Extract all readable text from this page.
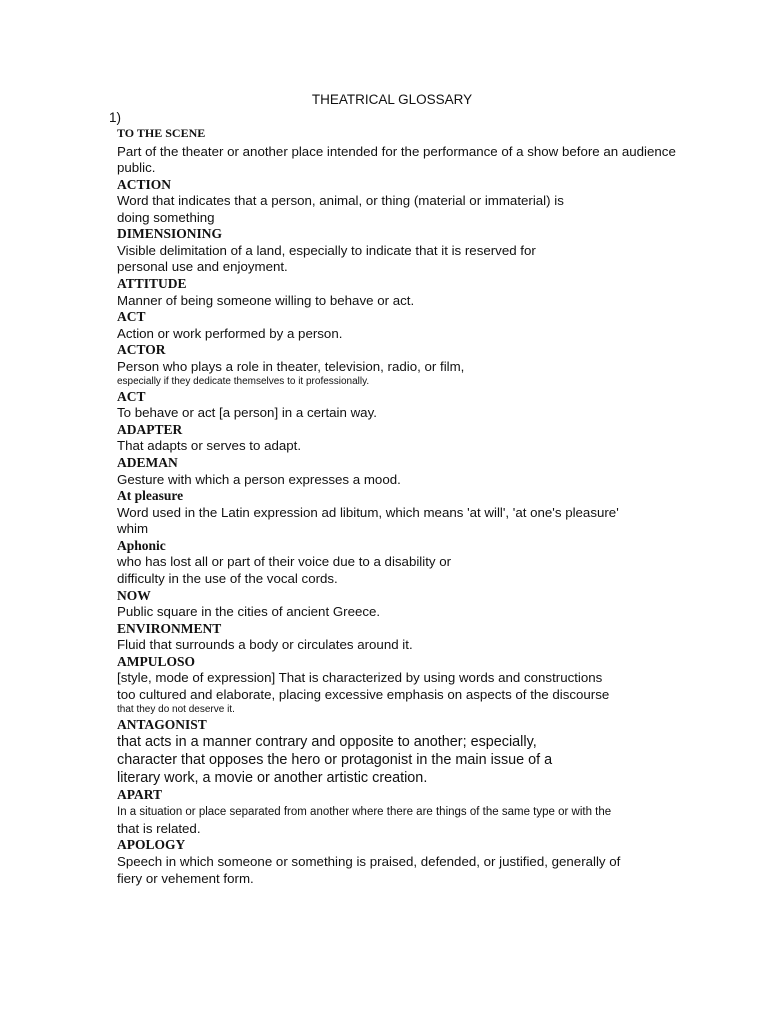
THEATRICAL GLOSSARY
1)
TO THE SCENE
Part of the theater or another place intended for the performance of a show before an audience
public.
ACTION
Word that indicates that a person, animal, or thing (material or immaterial) is
doing something
DIMENSIONING
Visible delimitation of a land, especially to indicate that it is reserved for
personal use and enjoyment.
ATTITUDE
Manner of being someone willing to behave or act.
ACT
Action or work performed by a person.
ACTOR
Person who plays a role in theater, television, radio, or film,
especially if they dedicate themselves to it professionally.
ACT
To behave or act [a person] in a certain way.
ADAPTER
That adapts or serves to adapt.
ADEMAN
Gesture with which a person expresses a mood.
At pleasure
Word used in the Latin expression ad libitum, which means 'at will', 'at one's pleasure'
whim
Aphonic
who has lost all or part of their voice due to a disability or
difficulty in the use of the vocal cords.
NOW
Public square in the cities of ancient Greece.
ENVIRONMENT
Fluid that surrounds a body or circulates around it.
AMPULOSO
[style, mode of expression] That is characterized by using words and constructions
too cultured and elaborate, placing excessive emphasis on aspects of the discourse
that they do not deserve it.
ANTAGONIST
that acts in a manner contrary and opposite to another; especially,
character that opposes the hero or protagonist in the main issue of a
literary work, a movie or another artistic creation.
APART
In a situation or place separated from another where there are things of the same type or with the
that is related.
APOLOGY
Speech in which someone or something is praised, defended, or justified, generally of
fiery or vehement form.
